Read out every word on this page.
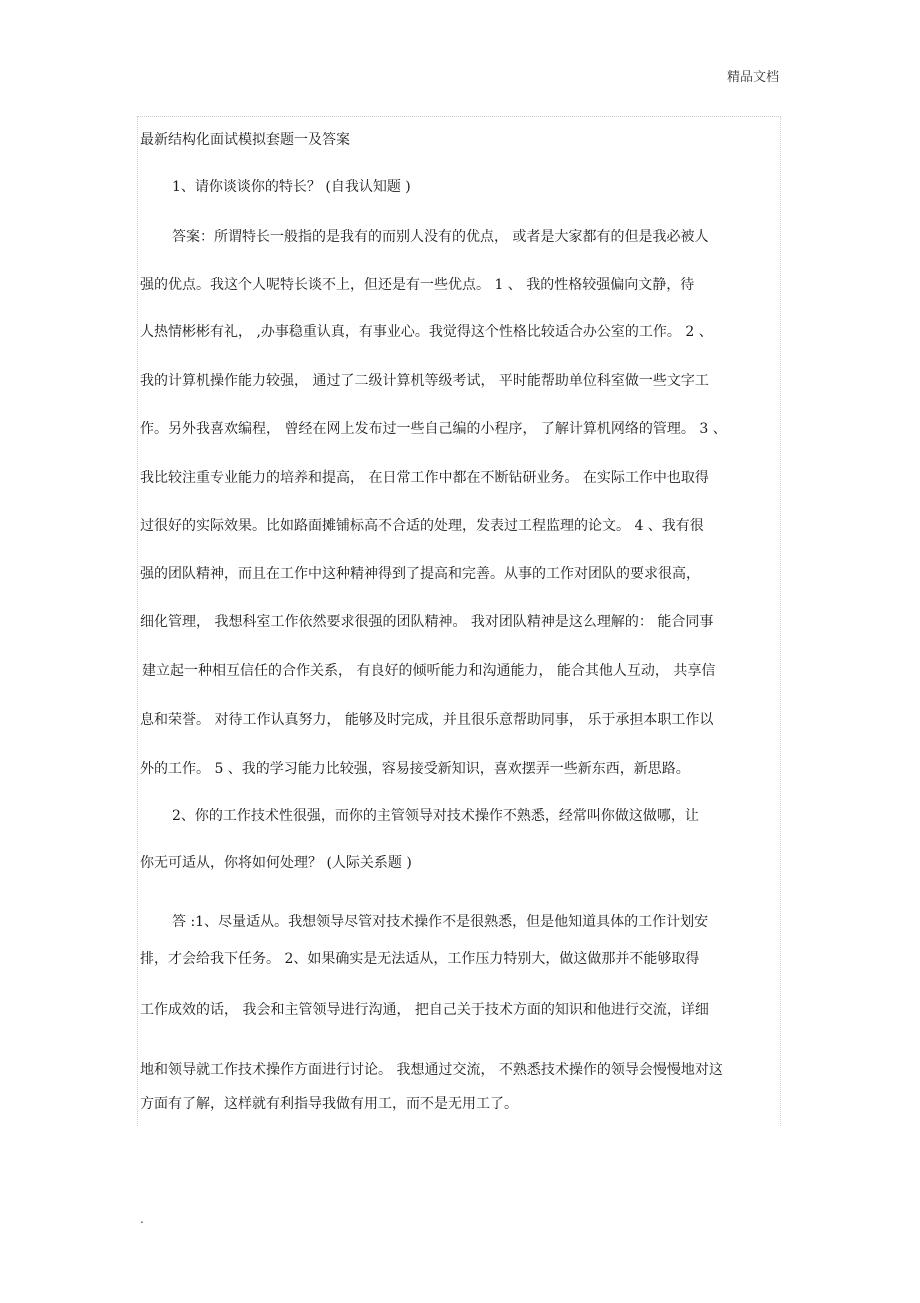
精品文档
最新结构化面试模拟套题一及答案
1、请你谈谈你的特长？ (自我认知题 )
答案：所谓特长一般指的是我有的而别人没有的优点， 或者是大家都有的但是我必被人
强的优点。我这个人呢特长谈不上，但还是有一些优点。 1 、 我的性格较强偏向文静，待
人热情彬彬有礼， ,办事稳重认真，有事业心。我觉得这个性格比较适合办公室的工作。 2 、
我的计算机操作能力较强， 通过了二级计算机等级考试， 平时能帮助单位科室做一些文字工
作。另外我喜欢编程， 曾经在网上发布过一些自己编的小程序， 了解计算机网络的管理。 3 、
我比较注重专业能力的培养和提高， 在日常工作中都在不断钻研业务。 在实际工作中也取得
过很好的实际效果。比如路面摊铺标高不合适的处理，发表过工程监理的论文。 4 、我有很
强的团队精神，而且在工作中这种精神得到了提高和完善。从事的工作对团队的要求很高，
细化管理， 我想科室工作依然要求很强的团队精神。 我对团队精神是这么理解的： 能合同事
建立起一种相互信任的合作关系， 有良好的倾听能力和沟通能力， 能合其他人互动， 共享信
息和荣誉。 对待工作认真努力， 能够及时完成，并且很乐意帮助同事， 乐于承担本职工作以
外的工作。 5 、我的学习能力比较强，容易接受新知识，喜欢摆弄一些新东西，新思路。
2、你的工作技术性很强，而你的主管领导对技术操作不熟悉，经常叫你做这做哪，让
你无可适从，你将如何处理？ (人际关系题 )
答 :1、尽量适从。我想领导尽管对技术操作不是很熟悉，但是他知道具体的工作计划安
排，才会给我下任务。 2、如果确实是无法适从，工作压力特别大，做这做那并不能够取得
工作成效的话， 我会和主管领导进行沟通， 把自己关于技术方面的知识和他进行交流，详细
地和领导就工作技术操作方面进行讨论。 我想通过交流， 不熟悉技术操作的领导会慢慢地对这
方面有了解，这样就有利指导我做有用工，而不是无用工了。
.
